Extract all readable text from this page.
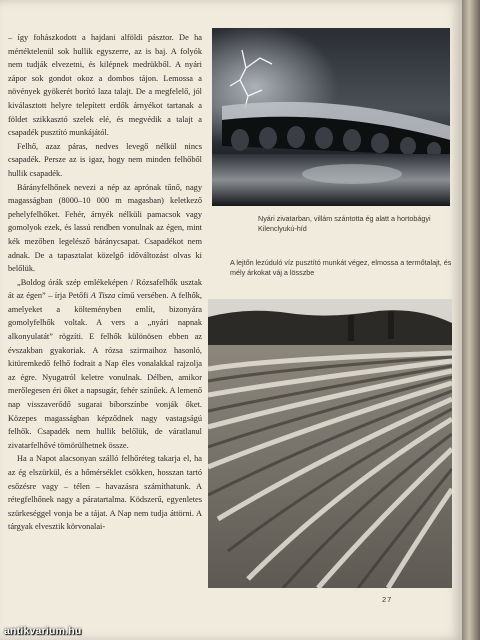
– így fohászkodott a hajdani alföldi pásztor. De ha mértéktelenül sok hullik egyszerre, az is baj. A folyók nem tudják elvezetni, és kilépnek medrükből. A nyári zápor sok gondot okoz a dombos tájon. Lemossa a növények gyökerét borító laza talajt. De a megfelelő, jól kiválasztott helyre telepített erdők árnyékot tartanak a földet szikkasztó szelek elé, és megvédik a talajt a csapadék pusztító munkájától.

Felhő, azaz páras, nedves levegő nélkül nincs csapadék. Persze az is igaz, hogy nem minden felhőből hullik csapadék.

Bárányfelhőnek nevezi a nép az aprónak tűnő, nagy magasságban (8000–10 000 m magasban) keletkező pehelyfelhőket. Fehér, árnyék nélküli pamacsok vagy gomolyok ezek, és lassú rendben vonulnak az égen, mint kék mezőben legelésző báránycsapat. Csapadékot nem adnak. De a tapasztalat közelgő időváltozást olvas ki belőlük.

„Boldog órák szép emlékeképen / Rózsafelhők usztak át az égen” – írja Petőfi A Tisza című versében. A felhők, amelyeket a költeményben említ, bizonyára gomolyfelhők voltak. A vers a „nyári napnak alkonyulatát” rögzíti. E felhők különösen ebben az évszakban gyakoriak. A rózsa szirmaihoz hasonló, kitüremkedő felhő fodrait a Nap éles vonalakkal rajzolja az égre. Nyugatról keletre vonulnak. Délben, amikor merőlegesen éri őket a napsugár, fehér színűek. A lemenő nap visszaverődő sugarai bíborszínbe vonják őket. Közepes magasságban képződnek nagy vastagságú felhők. Csapadék nem hullik belőlük, de váratlanul zivatarfelhővé tömörülhetnek össze.

Ha a Napot alacsonyan szálló felhőréteg takarja el, ha az ég elszürkül, és a hőmérséklet csökken, hosszan tartó esőzésre vagy – télen – havazásra számíthatunk. A rétegfelhőnek nagy a páratartalma. Ködszerű, egyenletes szürkeséggel vonja be a tájat. A Nap nem tudja áttörni. A tárgyak elvesztik körvonalai-

Nyári zivatarban, villám szántotta ég alatt a hortobágyi Kilenclyukú-híd
A lejtőn lezúduló víz pusztító munkát végez, elmossa a termőtalajt, és mély árkokat váj a lösszbe
27
antikvarium.hu
